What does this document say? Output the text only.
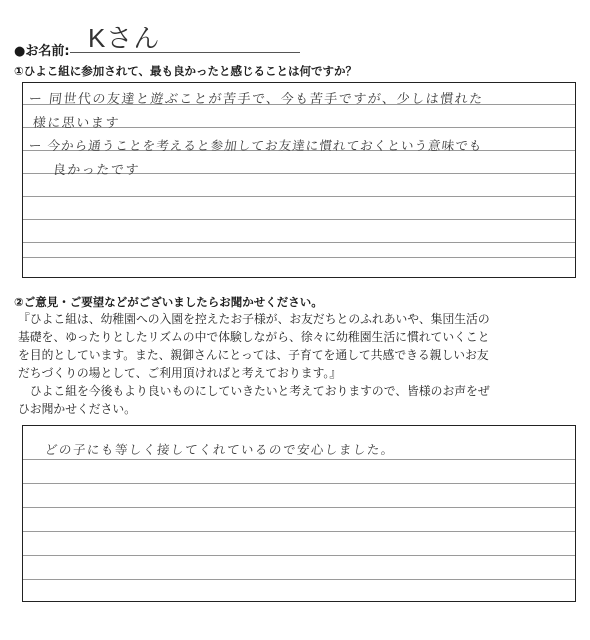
●お名前: Kさん
①ひよこ組に参加されて、最も良かったと感じることは何ですか？
ー 同世代の友達と遊ぶことが苦手で、今も苦手ですが、少しは慣れた
様に思います
ー 今から通うことを考えると参加してお友達に慣れておくという意味でも
良かったです
②ご意見・ご要望などがございましたらお聞かせください。

『ひよこ組は、幼稚園への入園を控えたお子様が、お友だちとのふれあいや、集団生活の

基礎を、ゆったりとしたリズムの中で体験しながら、徐々に幼稚園生活に慣れていくこと

を目的としています。また、親御さんにとっては、子育てを通して共感できる親しいお友

だちづくりの場として、ご利用頂ければと考えております。』

　ひよこ組を今後もより良いものにしていきたいと考えておりますので、皆様のお声をぜ

ひお聞かせください。

どの子にも等しく接してくれているので安心しました。
